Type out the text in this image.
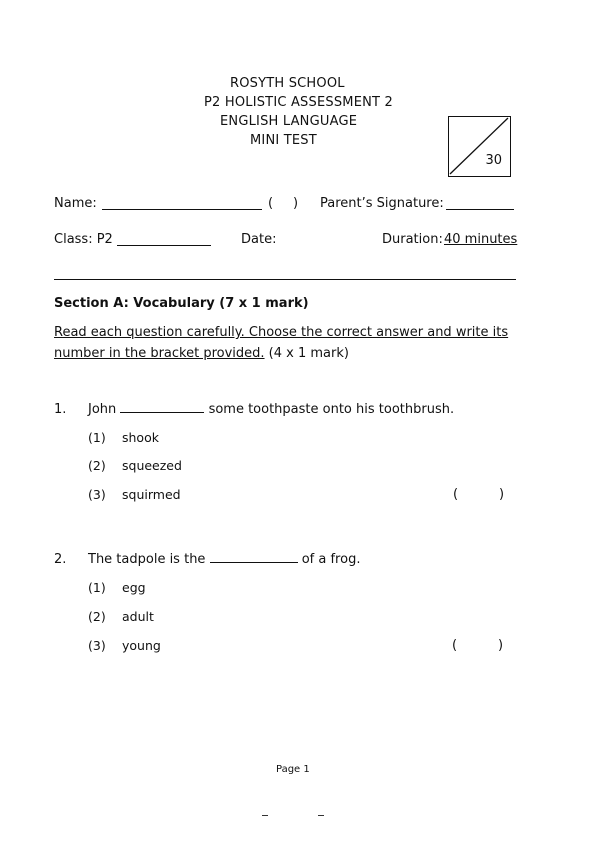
ROSYTH SCHOOL
P2 HOLISTIC ASSESSMENT 2
ENGLISH LANGUAGE
MINI TEST
30
Name:	( ) Parent’s Signature:
Class: P2	Date:	Duration: 40 minutes
Section A: Vocabulary (7 x 1 mark)
Read each question carefully. Choose the correct answer and write its
number in the bracket provided. (4 x 1 mark)
1. John	some toothpaste onto his toothbrush.
(1) shook
(2) squeezed
(3) squirmed	(	)
2. The tadpole is the	of a frog.
(1) egg
(2) adult
(3) young	(	)
Page 1
